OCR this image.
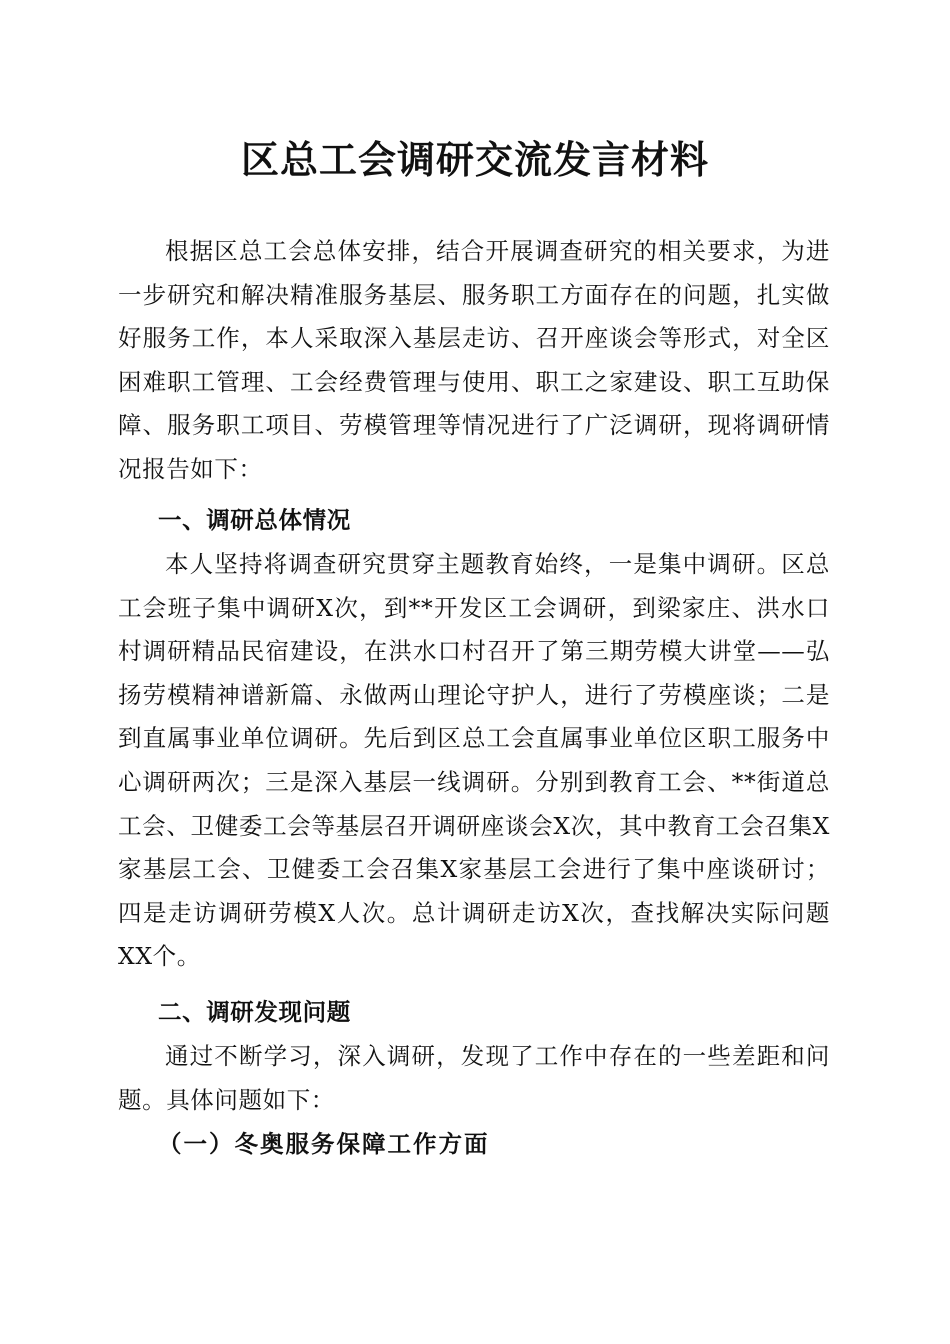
区总工会调研交流发言材料
根据区总工会总体安排，结合开展调查研究的相关要求，为进一步研究和解决精准服务基层、服务职工方面存在的问题，扎实做好服务工作，本人采取深入基层走访、召开座谈会等形式，对全区困难职工管理、工会经费管理与使用、职工之家建设、职工互助保障、服务职工项目、劳模管理等情况进行了广泛调研，现将调研情况报告如下：
一、调研总体情况
本人坚持将调查研究贯穿主题教育始终，一是集中调研。区总工会班子集中调研X次，到**开发区工会调研，到梁家庄、洪水口村调研精品民宿建设，在洪水口村召开了第三期劳模大讲堂——弘扬劳模精神谱新篇、永做两山理论守护人，进行了劳模座谈；二是到直属事业单位调研。先后到区总工会直属事业单位区职工服务中心调研两次；三是深入基层一线调研。分别到教育工会、**街道总工会、卫健委工会等基层召开调研座谈会X次，其中教育工会召集X家基层工会、卫健委工会召集X家基层工会进行了集中座谈研讨；四是走访调研劳模X人次。总计调研走访X次，查找解决实际问题XX个。
二、调研发现问题
通过不断学习，深入调研，发现了工作中存在的一些差距和问题。具体问题如下：
（一）冬奥服务保障工作方面
